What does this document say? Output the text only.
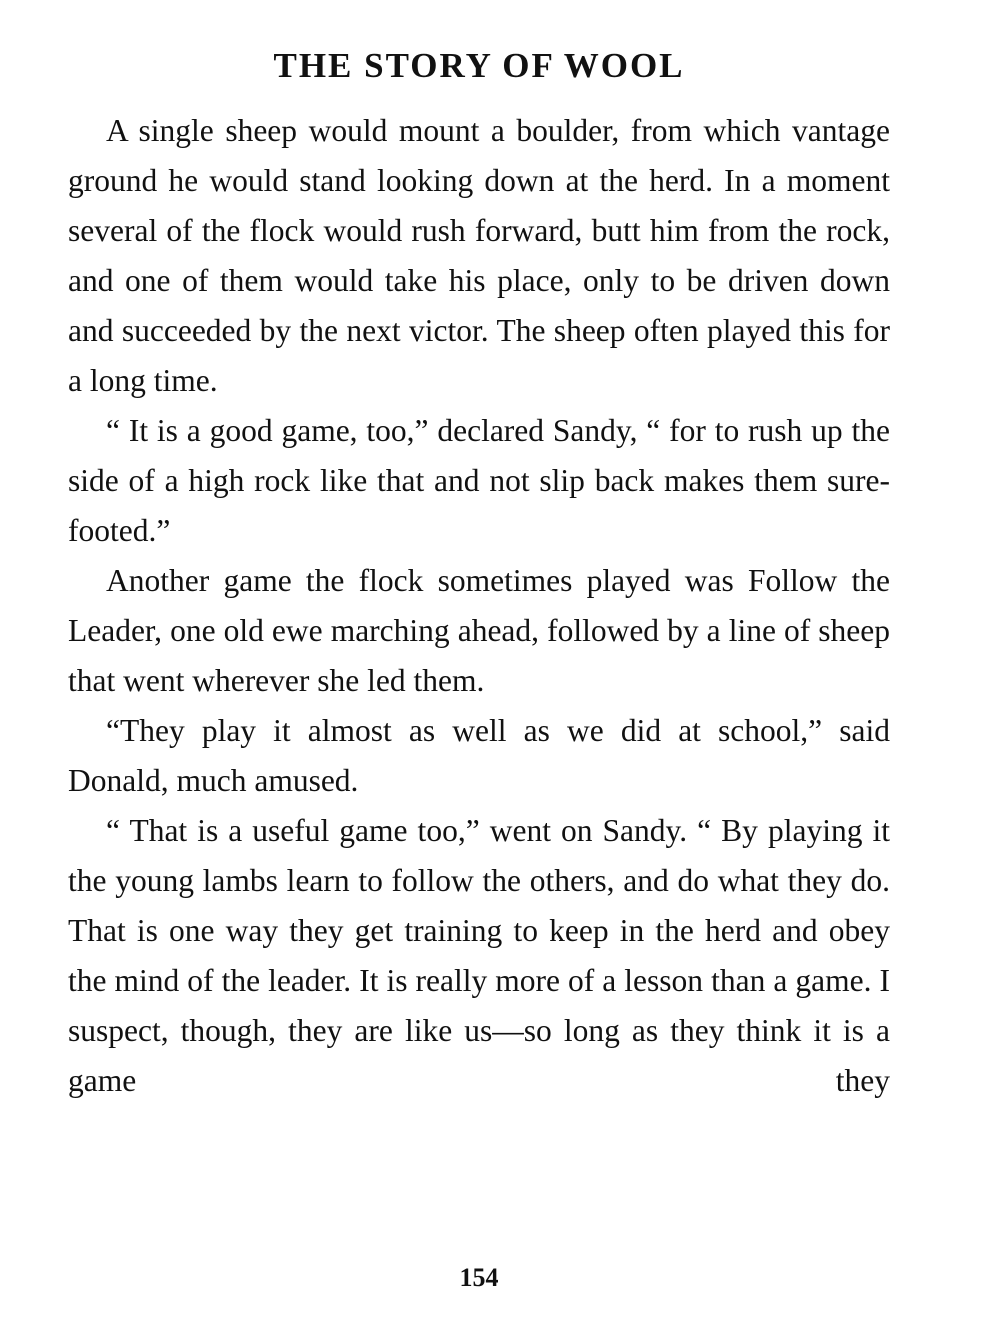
THE STORY OF WOOL

A single sheep would mount a boulder, from which vantage ground he would stand looking down at the herd. In a moment several of the flock would rush forward, butt him from the rock, and one of them would take his place, only to be driven down and succeeded by the next victor. The sheep often played this for a long time.

“ It is a good game, too,” declared Sandy, “ for to rush up the side of a high rock like that and not slip back makes them sure-footed.”

Another game the flock sometimes played was Follow the Leader, one old ewe marching ahead, followed by a line of sheep that went wherever she led them.

“They play it almost as well as we did at school,” said Donald, much amused.

“ That is a useful game too,” went on Sandy. “ By playing it the young lambs learn to follow the others, and do what they do. That is one way they get training to keep in the herd and obey the mind of the leader. It is really more of a lesson than a game. I suspect, though, they are like us—so long as they think it is a game they

154
